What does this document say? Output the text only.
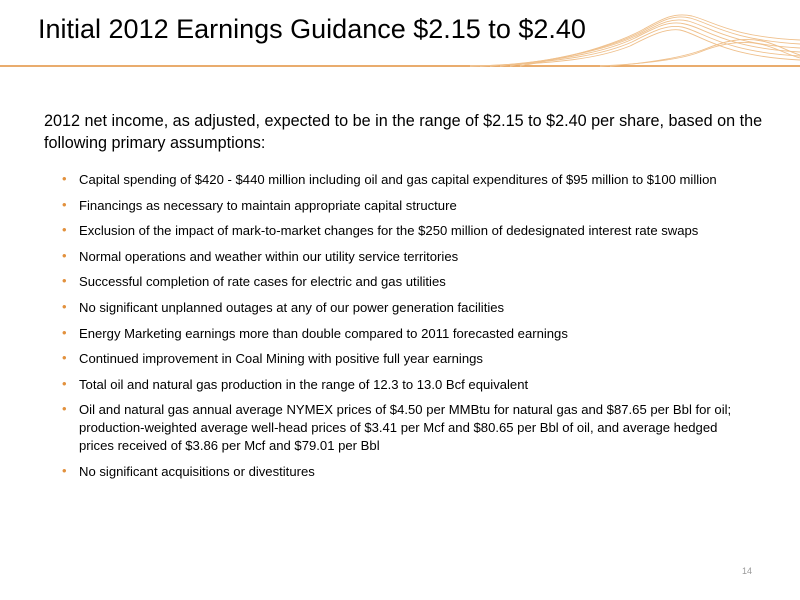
Initial 2012 Earnings Guidance $2.15 to $2.40
2012 net income, as adjusted, expected to be in the range of $2.15 to $2.40 per share, based on the following primary assumptions:
• Capital spending of $420 - $440 million including oil and gas capital expenditures of $95 million to $100 million
• Financings as necessary to maintain appropriate capital structure
• Exclusion of the impact of mark-to-market changes for the $250 million of dedesignated interest rate swaps
• Normal operations and weather within our utility service territories
• Successful completion of rate cases for electric and gas utilities
• No significant unplanned outages at any of our power generation facilities
• Energy Marketing earnings more than double compared to 2011 forecasted earnings
• Continued improvement in Coal Mining with positive full year earnings
• Total oil and natural gas production in the range of 12.3 to 13.0 Bcf equivalent
• Oil and natural gas annual average NYMEX prices of $4.50 per MMBtu for natural gas and $87.65 per Bbl for oil; production-weighted average well-head prices of $3.41 per Mcf and $80.65 per Bbl of oil, and average hedged prices received of $3.86 per Mcf and $79.01 per Bbl
• No significant acquisitions or divestitures
14
